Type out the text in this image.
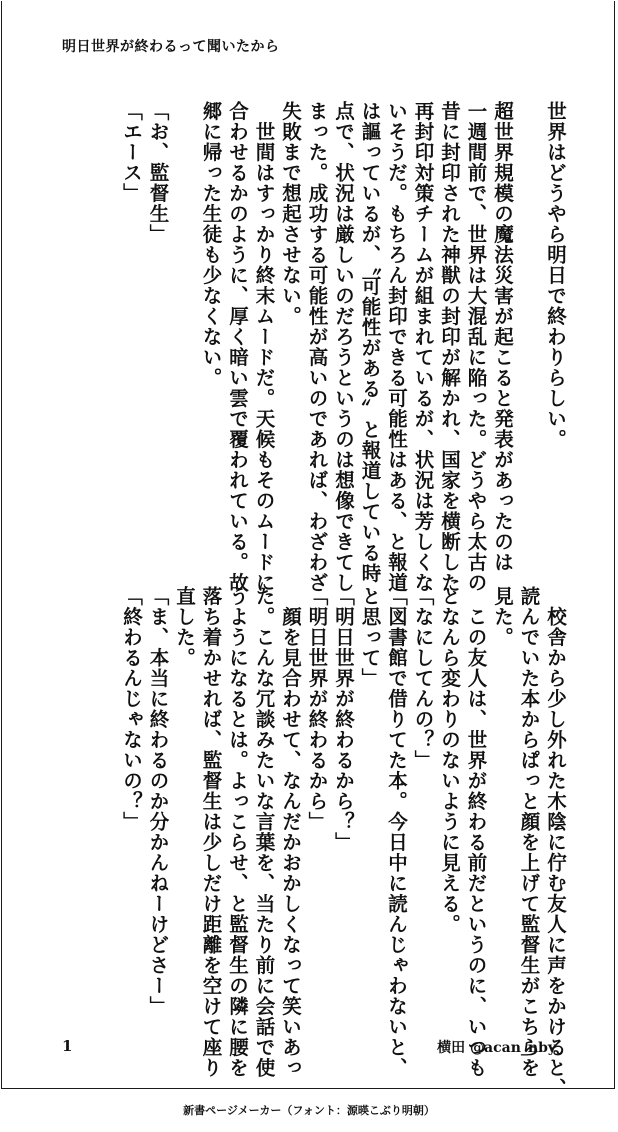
明日世界が終わるって聞いたから
世界はどうやら明日で終わりらしい。

超世界規模の魔法災害が起こると発表があったのは
一週間前で、世界は大混乱に陥った。どうやら太古の
昔に封印された神獣の封印が解かれ、国家を横断した
再封印対策チームが組まれているが、状況は芳しくな
いそうだ。もちろん封印できる可能性はある、と報道
は謳っているが、〝可能性がある〟と報道している時
点で、状況は厳しいのだろうというのは想像できてし
まった。成功する可能性が高いのであれば、わざわざ
失敗まで想起させない。
　世間はすっかり終末ムードだ。天候もそのムードに
合わせるかのように、厚く暗い雲で覆われている。故
郷に帰った生徒も少なくない。

「お、監督生」
「エース」
　校舎から少し外れた木陰に佇む友人に声をかけると、
読んでいた本からぱっと顔を上げて監督生がこちらを
見た。
　この友人は、世界が終わる前だというのに、いつも
となんら変わりのないように見える。
「なにしてんの？」
「図書館で借りてた本。今日中に読んじゃわないと、
と思って」
「明日世界が終わるから？」
「明日世界が終わるから」
　顔を見合わせて、なんだかおかしくなって笑いあっ
た。こんな冗談みたいな言葉を、当たり前に会話で使
うようになるとは。よっこらせ、と監督生の隣に腰を
落ち着かせれば、監督生は少しだけ距離を空けて座り
直した。
「ま、本当に終わるのか分かんねーけどさー」
「終わるんじゃないの？」
1	横田 @acan_nby
新書ページメーカー（フォント：源暎こぶり明朝）
